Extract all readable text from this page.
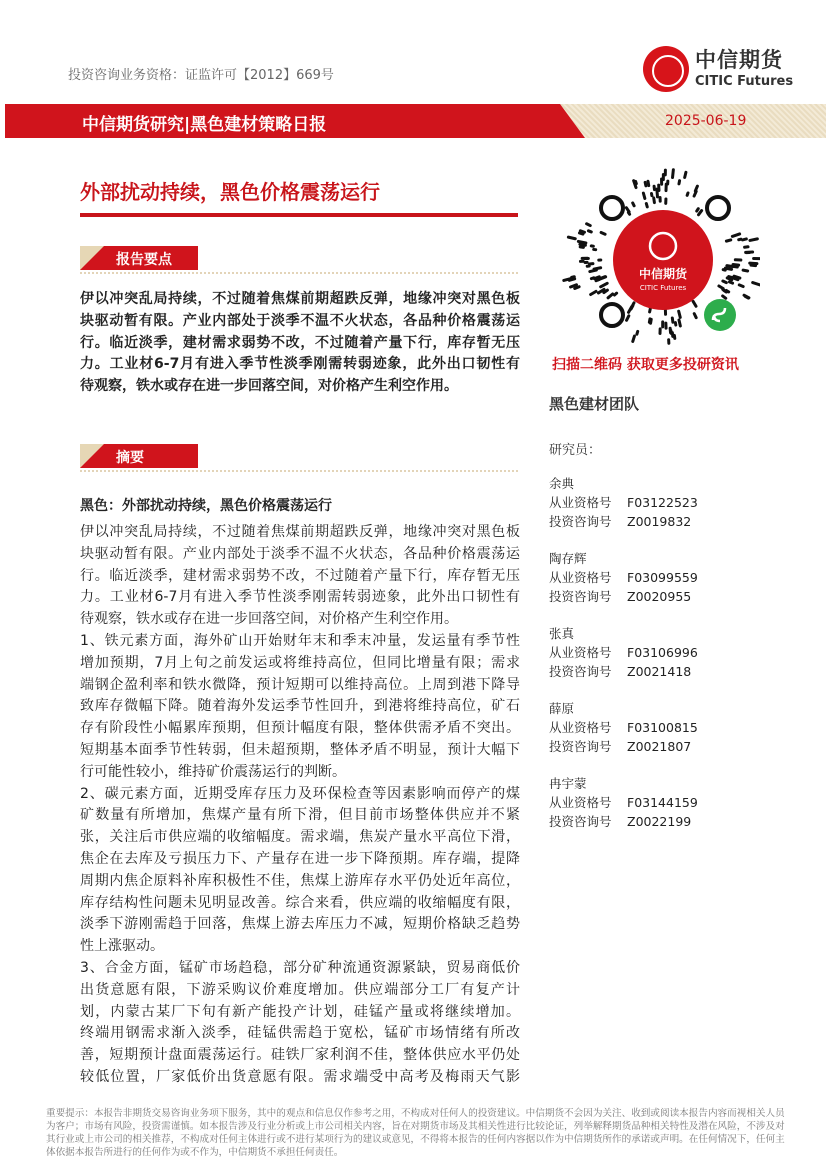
投资咨询业务资格：证监许可【2012】669号
中信期货
CITIC Futures
中信期货研究|黑色建材策略日报	2025-06-19
外部扰动持续，黑色价格震荡运行
报告要点
伊以冲突乱局持续，不过随着焦煤前期超跌反弹，地缘冲突对黑色板
块驱动暂有限。产业内部处于淡季不温不火状态，各品种价格震荡运
行。临近淡季，建材需求弱势不改，不过随着产量下行，库存暂无压
力。工业材6-7月有进入季节性淡季刚需转弱迹象，此外出口韧性有
待观察，铁水或存在进一步回落空间，对价格产生利空作用。
摘要
黑色：外部扰动持续，黑色价格震荡运行
伊以冲突乱局持续，不过随着焦煤前期超跌反弹，地缘冲突对黑色板
块驱动暂有限。产业内部处于淡季不温不火状态，各品种价格震荡运
行。临近淡季，建材需求弱势不改，不过随着产量下行，库存暂无压
力。工业材6-7月有进入季节性淡季刚需转弱迹象，此外出口韧性有
待观察，铁水或存在进一步回落空间，对价格产生利空作用。
1、铁元素方面，海外矿山开始财年末和季末冲量，发运量有季节性
增加预期，7月上旬之前发运或将维持高位，但同比增量有限；需求
端钢企盈利率和铁水微降，预计短期可以维持高位。上周到港下降导
致库存微幅下降。随着海外发运季节性回升，到港将维持高位，矿石
存有阶段性小幅累库预期，但预计幅度有限，整体供需矛盾不突出。
短期基本面季节性转弱，但未超预期，整体矛盾不明显，预计大幅下
行可能性较小，维持矿价震荡运行的判断。
2、碳元素方面，近期受库存压力及环保检查等因素影响而停产的煤
矿数量有所增加，焦煤产量有所下滑，但目前市场整体供应并不紧
张，关注后市供应端的收缩幅度。需求端，焦炭产量水平高位下滑，
焦企在去库及亏损压力下、产量存在进一步下降预期。库存端，提降
周期内焦企原料补库积极性不佳，焦煤上游库存水平仍处近年高位，
库存结构性问题未见明显改善。综合来看，供应端的收缩幅度有限，
淡季下游刚需趋于回落，焦煤上游去库压力不减，短期价格缺乏趋势
性上涨驱动。
3、合金方面，锰矿市场趋稳，部分矿种流通资源紧缺，贸易商低价
出货意愿有限，下游采购议价难度增加。供应端部分工厂有复产计
划，内蒙古某厂下旬有新产能投产计划，硅锰产量或将继续增加。
终端用钢需求渐入淡季，硅锰供需趋于宽松，锰矿市场情绪有所改
善，短期预计盘面震荡运行。硅铁厂家利润不佳，整体供应水平仍处
较低位置，厂家低价出货意愿有限。需求端受中高考及梅雨天气影
中信期货
CITIC Futures
扫描二维码 获取更多投研资讯
黑色建材团队
研究员：
余典
从业资格号 F03122523
投资咨询号 Z0019832
陶存辉
从业资格号 F03099559
投资咨询号 Z0020955
张真
从业资格号 F03106996
投资咨询号 Z0021418
薛原
从业资格号 F03100815
投资咨询号 Z0021807
冉宇蒙
从业资格号 F03144159
投资咨询号 Z0022199
重要提示：本报告非期货交易咨询业务项下服务，其中的观点和信息仅作参考之用，不构成对任何人的投资建议。中信期货不会因为关注、收到或阅读本报告内容而视相关人员为客户；市场有风险，投资需谨慎。如本报告涉及行业分析或上市公司相关内容，旨在对期货市场及其相关性进行比较论证，列举解释期货品种相关特性及潜在风险，不涉及对其行业或上市公司的相关推荐，不构成对任何主体进行或不进行某项行为的建议或意见，不得将本报告的任何内容据以作为中信期货所作的承诺或声明。在任何情况下，任何主体依据本报告所进行的任何作为或不作为，中信期货不承担任何责任。
